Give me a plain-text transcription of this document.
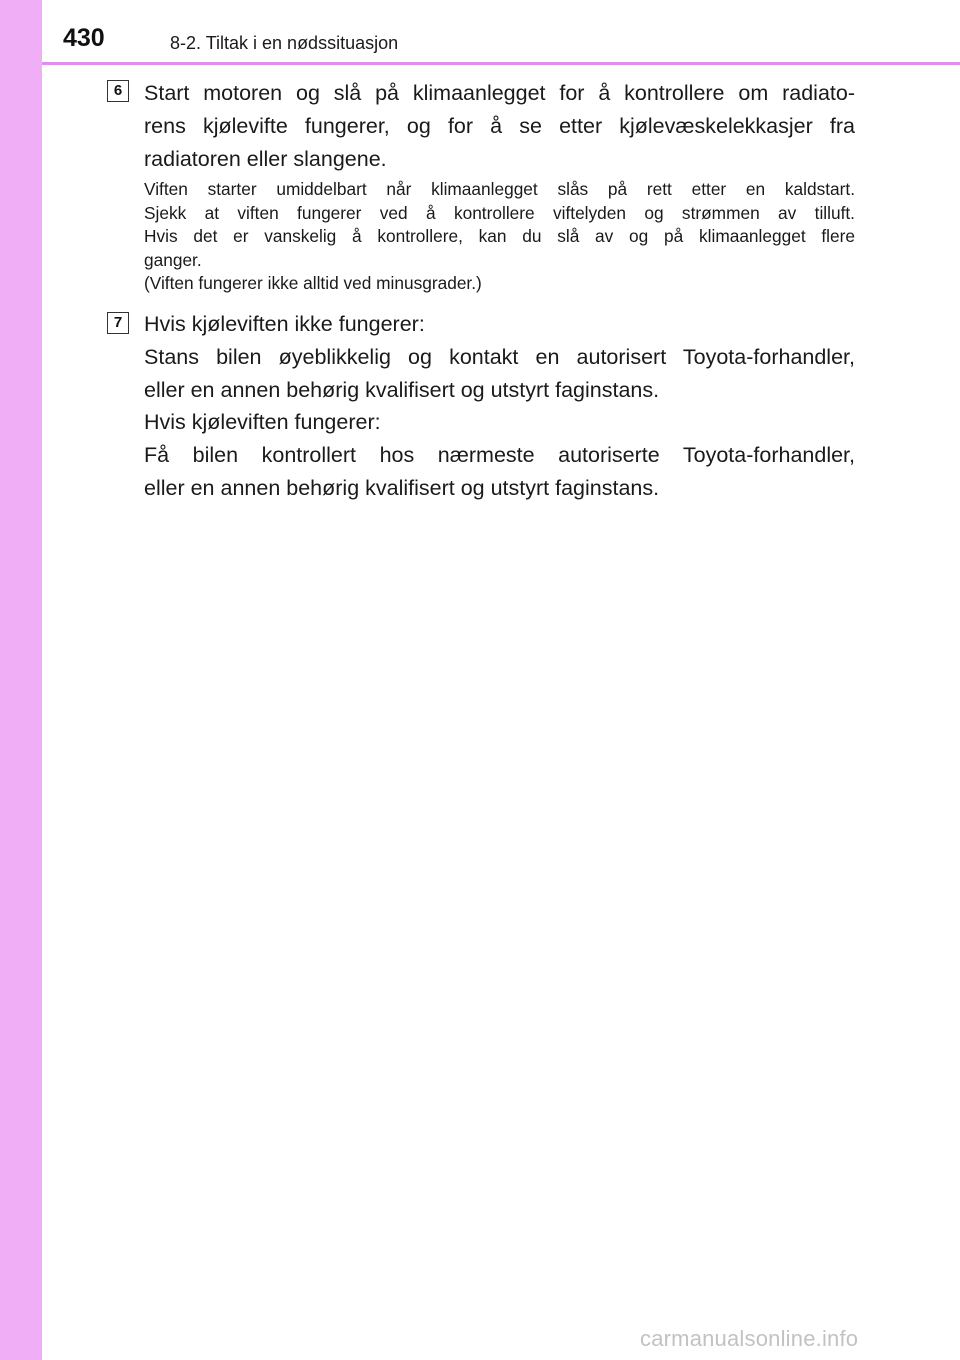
430	8-2. Tiltak i en nødssituasjon
6	Start motoren og slå på klimaanlegget for å kontrollere om radiato-
rens kjølevifte fungerer, og for å se etter kjølevæskelekkasjer fra
radiatoren eller slangene.
Viften starter umiddelbart når klimaanlegget slås på rett etter en kaldstart.
Sjekk at viften fungerer ved å kontrollere viftelyden og strømmen av tilluft.
Hvis det er vanskelig å kontrollere, kan du slå av og på klimaanlegget flere
ganger.
(Viften fungerer ikke alltid ved minusgrader.)
7	Hvis kjøleviften ikke fungerer:
Stans bilen øyeblikkelig og kontakt en autorisert Toyota-forhandler,
eller en annen behørig kvalifisert og utstyrt faginstans.
Hvis kjøleviften fungerer:
Få bilen kontrollert hos nærmeste autoriserte Toyota-forhandler,
eller en annen behørig kvalifisert og utstyrt faginstans.
carmanualsonline.info
